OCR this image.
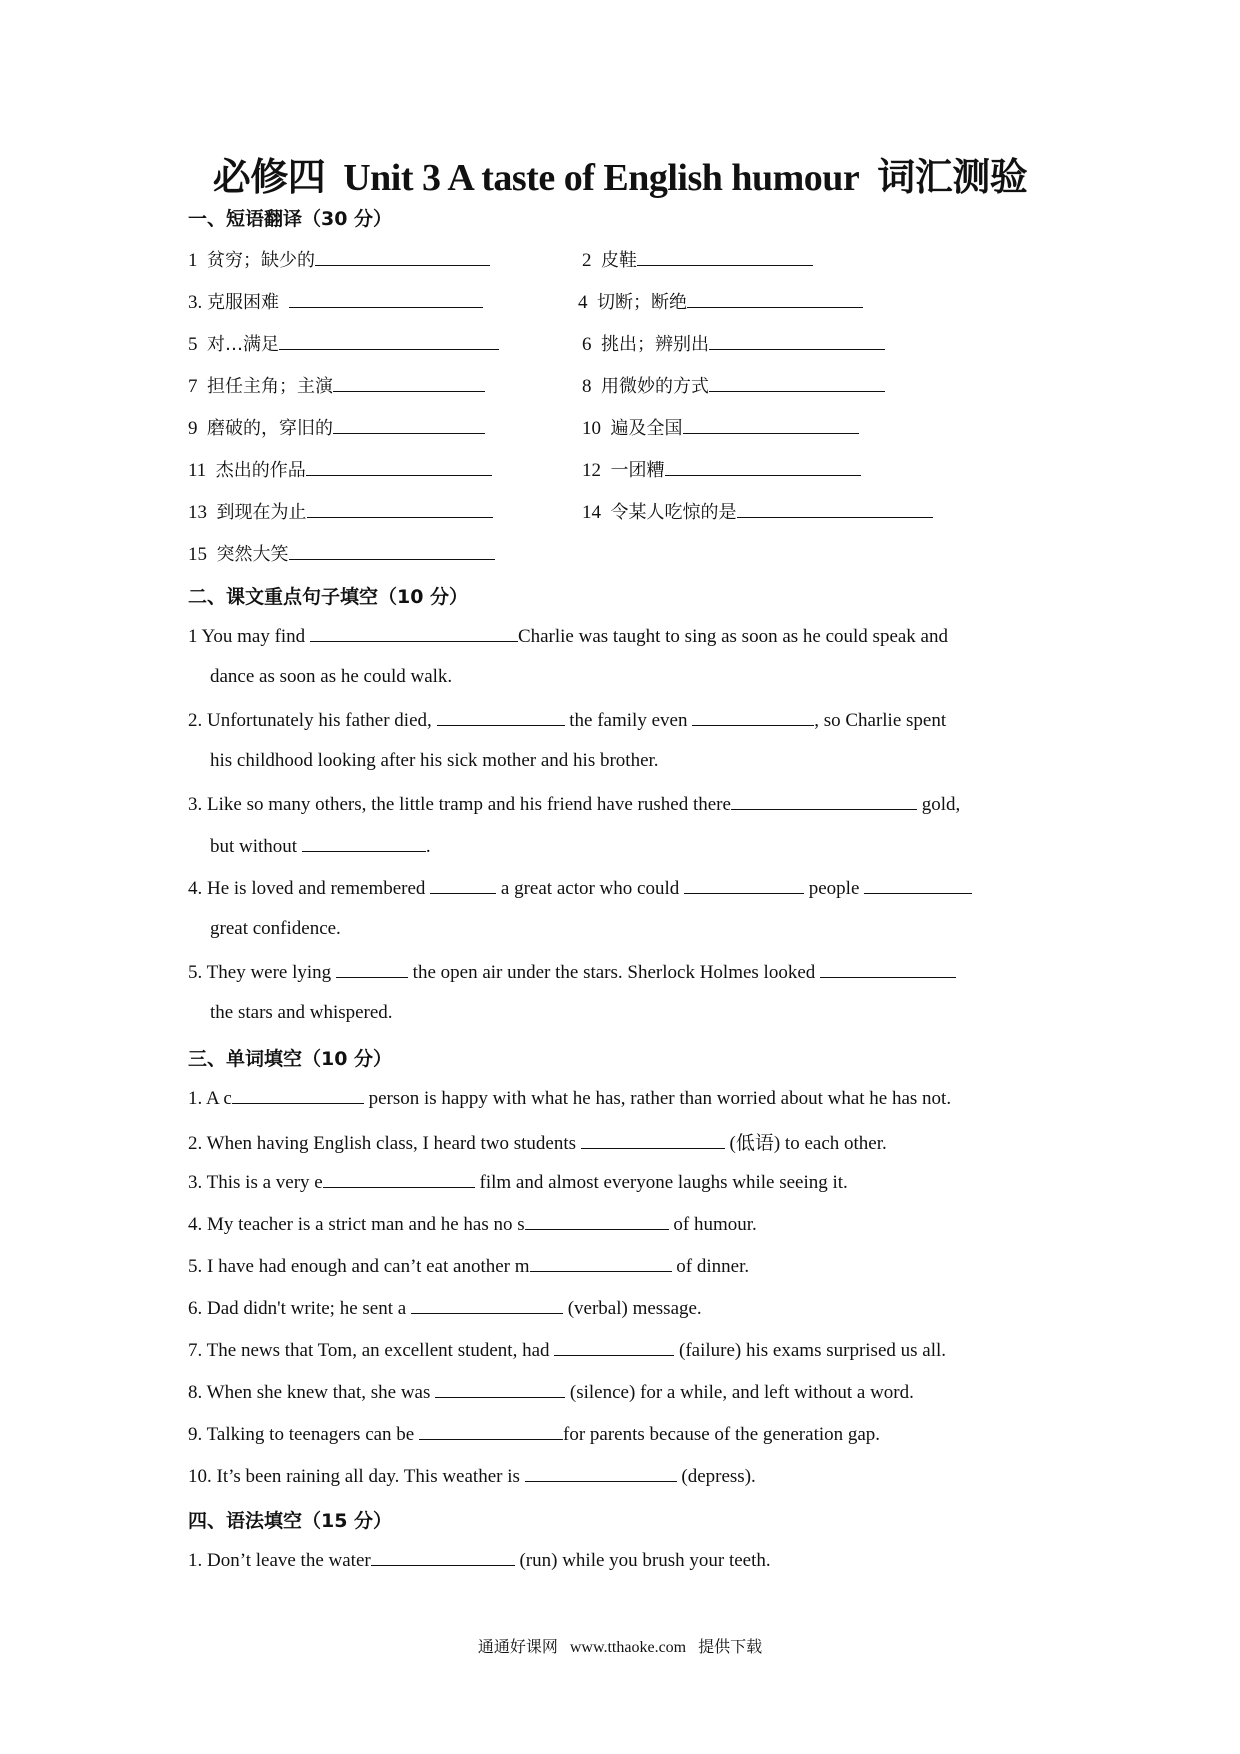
必修四 Unit 3 A taste of English humour 词汇测验
一、短语翻译（30 分）
1 贫穷；缺少的	2 皮鞋
3. 克服困难	4 切断；断绝
5 对…满足	6 挑出；辨别出
7 担任主角；主演	8 用微妙的方式
9 磨破的，穿旧的	10 遍及全国
11 杰出的作品	12 一团糟
13 到现在为止	14 令某人吃惊的是
15 突然大笑
二、课文重点句子填空（10 分）
1 You may find	Charlie was taught to sing as soon as he could speak and
dance as soon as he could walk.
2. Unfortunately his father died,	the family even	, so Charlie spent
his childhood looking after his sick mother and his brother.
3. Like so many others, the little tramp and his friend have rushed there	gold,
but without	.
4. He is loved and remembered	a great actor who could	people
great confidence.
5. They were lying	the open air under the stars. Sherlock Holmes looked
the stars and whispered.
三、单词填空（10 分）
1. A c	person is happy with what he has, rather than worried about what he has not.
2. When having English class, I heard two students	(低语) to each other.
3. This is a very e	film and almost everyone laughs while seeing it.
4. My teacher is a strict man and he has no s	of humour.
5. I have had enough and can’t eat another m	of dinner.
6. Dad didn't write; he sent a	(verbal) message.
7. The news that Tom, an excellent student, had	(failure) his exams surprised us all.
8. When she knew that, she was	(silence) for a while, and left without a word.
9. Talking to teenagers can be	for parents because of the generation gap.
10. It’s been raining all day. This weather is	(depress).
四、语法填空（15 分）
1. Don’t leave the water	(run) while you brush your teeth.
通通好课网 www.tthaoke.com 提供下载
